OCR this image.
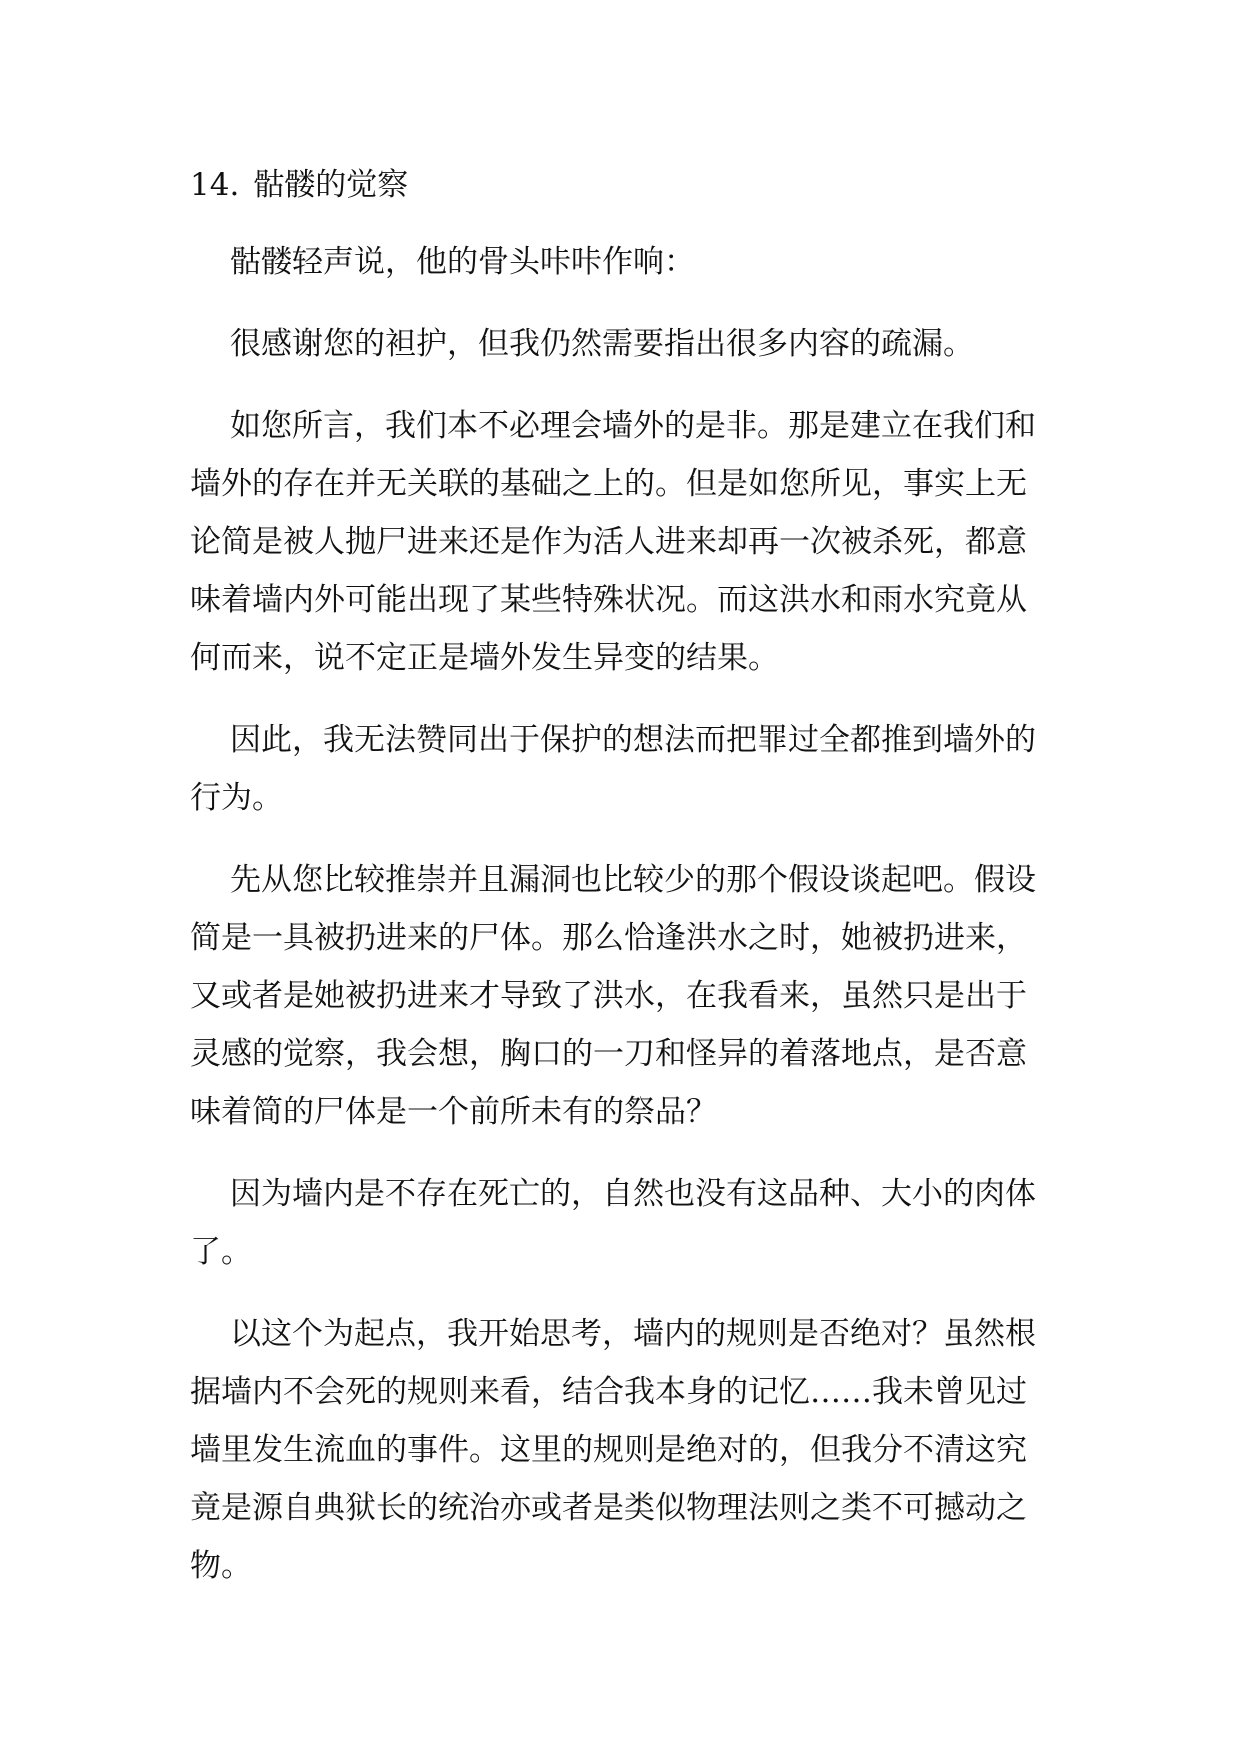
14. 骷髅的觉察

骷髅轻声说，他的骨头咔咔作响：

很感谢您的袒护，但我仍然需要指出很多内容的疏漏。

如您所言，我们本不必理会墙外的是非。那是建立在我们和墙外的存在并无关联的基础之上的。但是如您所见，事实上无论简是被人抛尸进来还是作为活人进来却再一次被杀死，都意味着墙内外可能出现了某些特殊状况。而这洪水和雨水究竟从何而来，说不定正是墙外发生异变的结果。

因此，我无法赞同出于保护的想法而把罪过全都推到墙外的行为。

先从您比较推崇并且漏洞也比较少的那个假设谈起吧。假设简是一具被扔进来的尸体。那么恰逢洪水之时，她被扔进来，又或者是她被扔进来才导致了洪水，在我看来，虽然只是出于灵感的觉察，我会想，胸口的一刀和怪异的着落地点，是否意味着简的尸体是一个前所未有的祭品？

因为墙内是不存在死亡的，自然也没有这品种、大小的肉体了。

以这个为起点，我开始思考，墙内的规则是否绝对？虽然根据墙内不会死的规则来看，结合我本身的记忆……我未曾见过墙里发生流血的事件。这里的规则是绝对的，但我分不清这究竟是源自典狱长的统治亦或者是类似物理法则之类不可撼动之物。
